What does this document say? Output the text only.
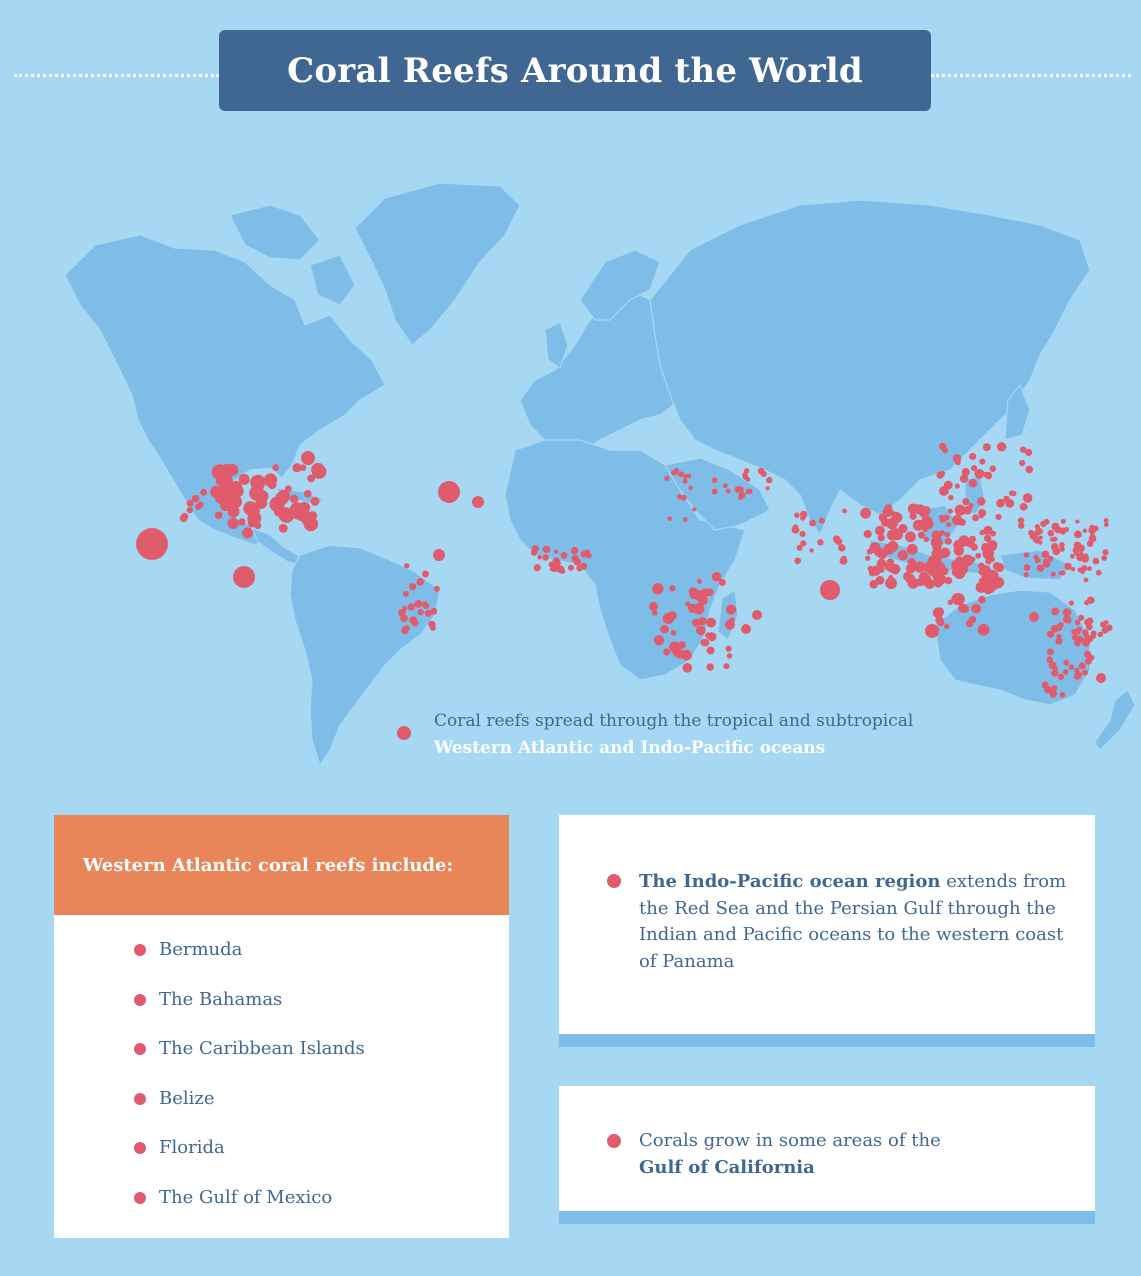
Coral Reefs Around the World

Coral reefs spread through the tropical and subtropical
Western Atlantic and Indo-Pacific oceans

Western Atlantic coral reefs include:
Bermuda
The Bahamas
The Caribbean Islands
Belize
Florida
The Gulf of Mexico

The Indo-Pacific ocean region extends from the Red Sea and the Persian Gulf through the Indian and Pacific oceans to the western coast of Panama

Corals grow in some areas of the Gulf of California
